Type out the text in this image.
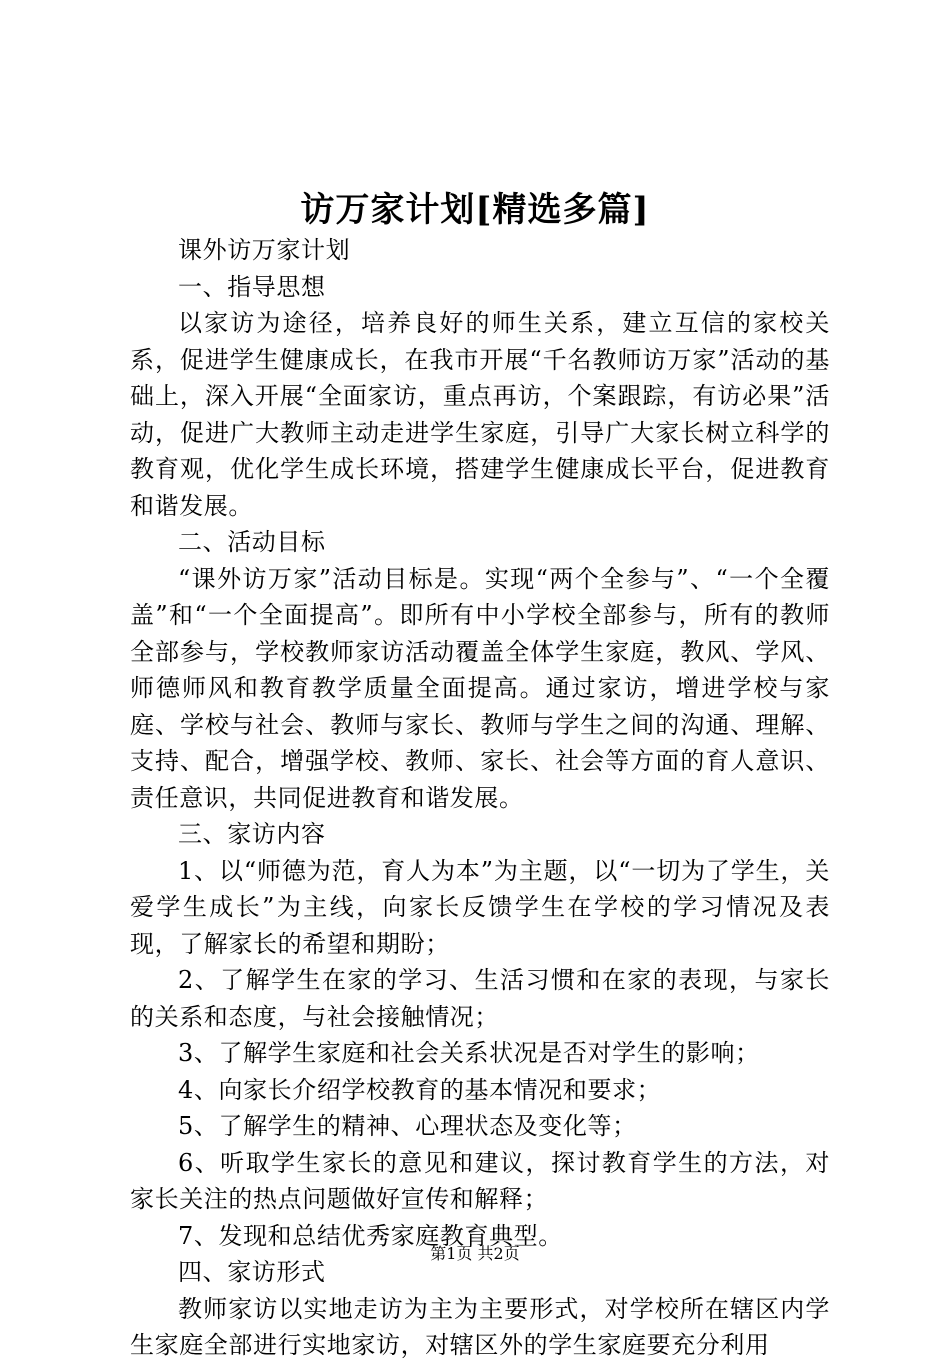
访万家计划[精选多篇]

课外访万家计划

一、指导思想

以家访为途径，培养良好的师生关系，建立互信的家校关系，促进学生健康成长，在我市开展“千名教师访万家”活动的基础上，深入开展“全面家访，重点再访，个案跟踪，有访必果”活动，促进广大教师主动走进学生家庭，引导广大家长树立科学的教育观，优化学生成长环境，搭建学生健康成长平台，促进教育和谐发展。

二、活动目标

“课外访万家”活动目标是。实现“两个全参与”、“一个全覆盖”和“一个全面提高”。即所有中小学校全部参与，所有的教师全部参与，学校教师家访活动覆盖全体学生家庭，教风、学风、师德师风和教育教学质量全面提高。通过家访，增进学校与家庭、学校与社会、教师与家长、教师与学生之间的沟通、理解、支持、配合，增强学校、教师、家长、社会等方面的育人意识、责任意识，共同促进教育和谐发展。

三、家访内容

1、以“师德为范，育人为本”为主题，以“一切为了学生，关爱学生成长”为主线，向家长反馈学生在学校的学习情况及表现，了解家长的希望和期盼；

2、了解学生在家的学习、生活习惯和在家的表现，与家长的关系和态度，与社会接触情况；

3、了解学生家庭和社会关系状况是否对学生的影响；

4、向家长介绍学校教育的基本情况和要求；

5、了解学生的精神、心理状态及变化等；

6、听取学生家长的意见和建议，探讨教育学生的方法，对家长关注的热点问题做好宣传和解释；

7、发现和总结优秀家庭教育典型。

四、家访形式

教师家访以实地走访为主为主要形式，对学校所在辖区内学生家庭全部进行实地家访，对辖区外的学生家庭要充分利用

第1页 共2页
